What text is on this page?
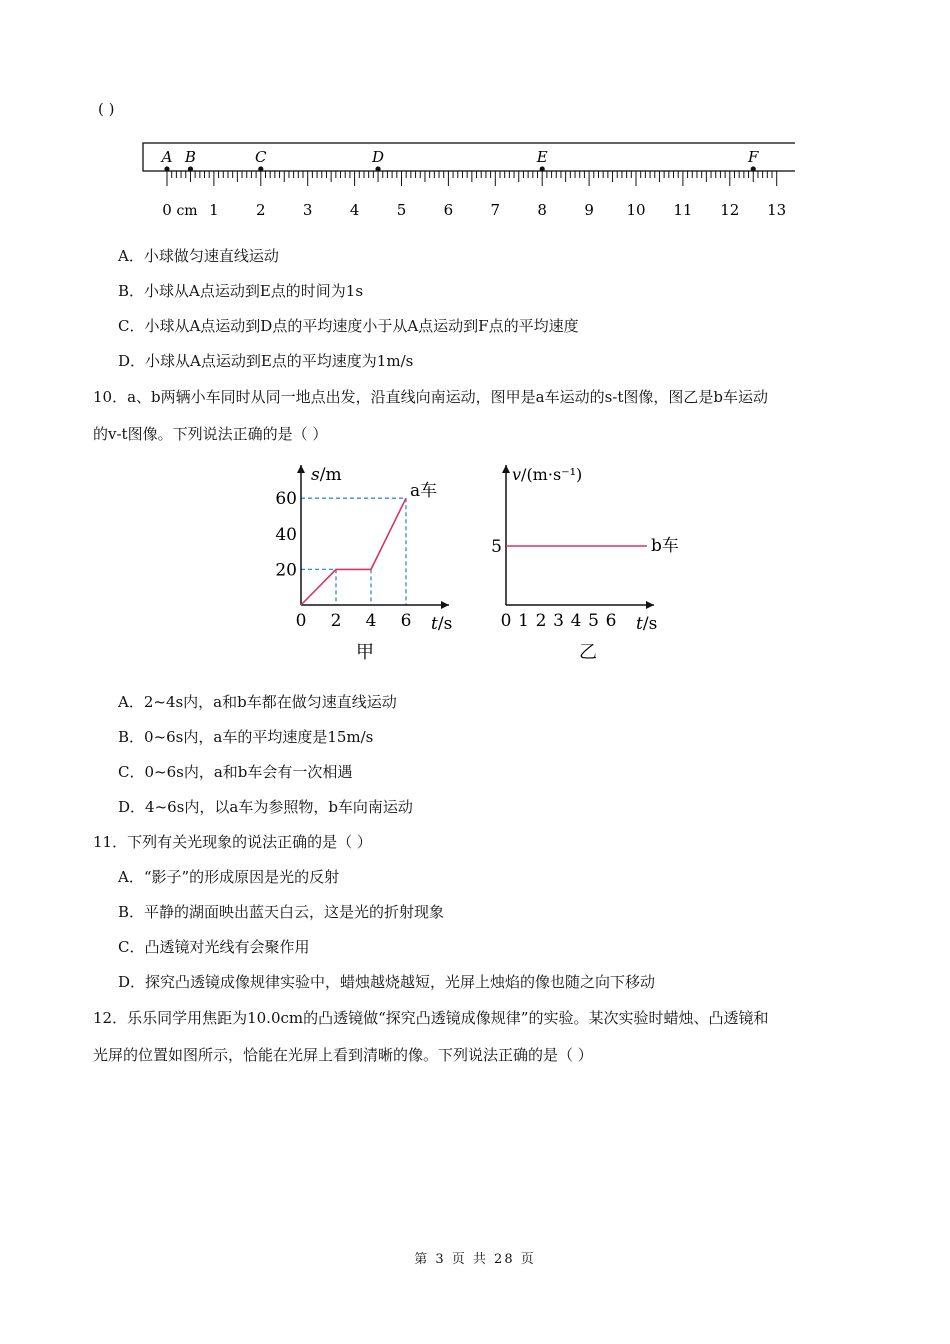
( )
A B	C	D	E	F
0 1 2 3 4 5 6 7 8 9 10 11 12 13
cm
A．小球做匀速直线运动
B．小球从A点运动到E点的时间为1s
C．小球从A点运动到D点的平均速度小于从A点运动到F点的平均速度
D．小球从A点运动到E点的平均速度为1m/s
10．a、b两辆小车同时从同一地点出发，沿直线向南运动，图甲是a车运动的s-t图像，图乙是b车运动
的v-t图像。下列说法正确的是（ ）
0 2 4 6
20
40
60
s/m
t/s
a车
甲
0 1 2 3 4 5 6
5
v/(m·s⁻¹)
t/s
b车
乙
A．2~4s内，a和b车都在做匀速直线运动
B．0~6s内，a车的平均速度是15m/s
C．0~6s内，a和b车会有一次相遇
D．4~6s内，以a车为参照物，b车向南运动
11．下列有关光现象的说法正确的是（ ）
A．“影子”的形成原因是光的反射
B．平静的湖面映出蓝天白云，这是光的折射现象
C．凸透镜对光线有会聚作用
D．探究凸透镜成像规律实验中，蜡烛越烧越短，光屏上烛焰的像也随之向下移动
12．乐乐同学用焦距为10.0cm的凸透镜做“探究凸透镜成像规律”的实验。某次实验时蜡烛、凸透镜和
光屏的位置如图所示，恰能在光屏上看到清晰的像。下列说法正确的是（ ）
第 3 页 共 28 页
